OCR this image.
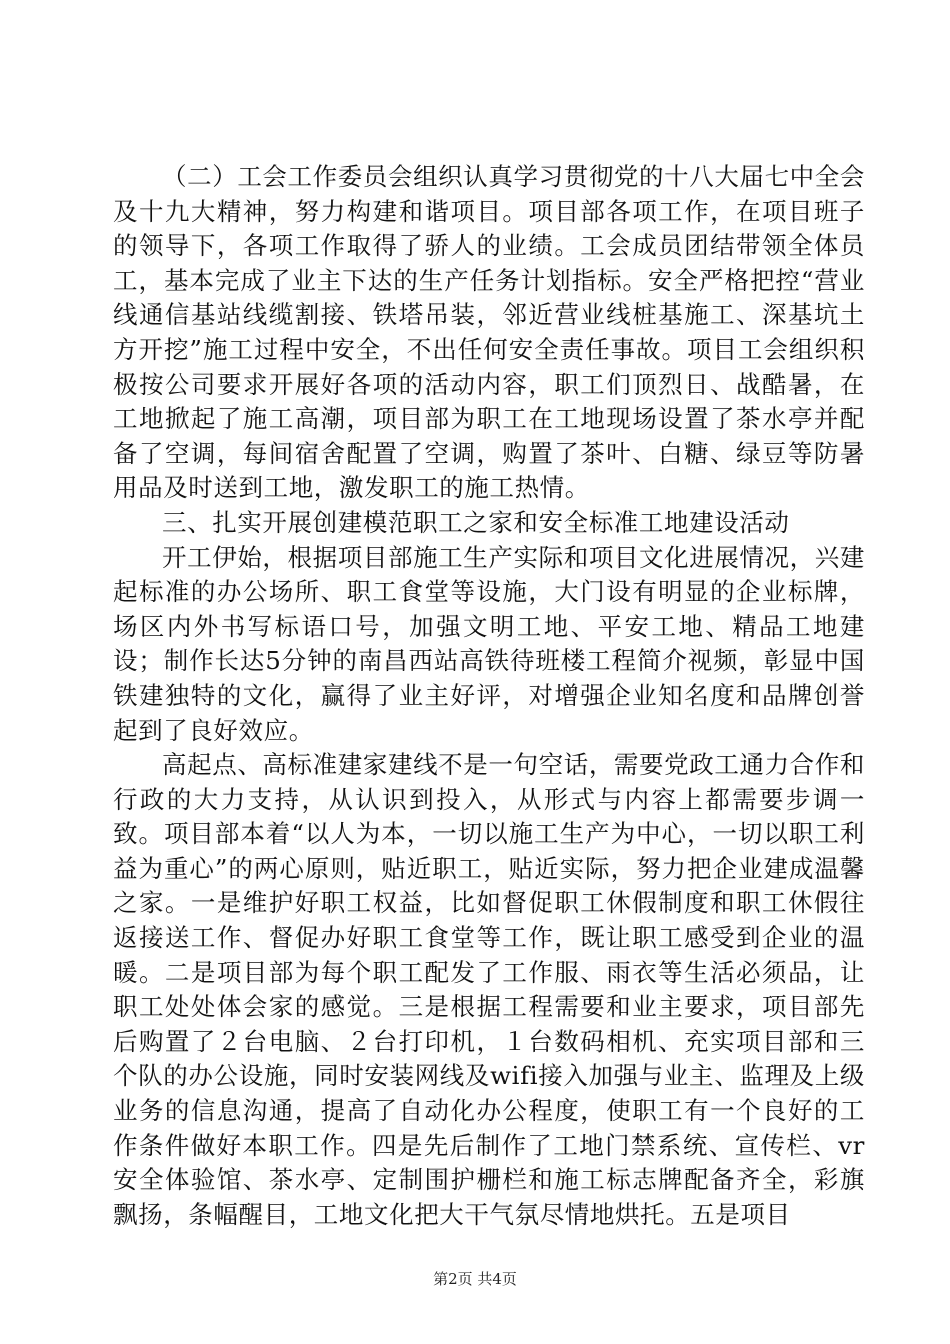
（二）工会工作委员会组织认真学习贯彻党的十八大届七中全会及十九大精神，努力构建和谐项目。项目部各项工作，在项目班子的领导下，各项工作取得了骄人的业绩。工会成员团结带领全体员工，基本完成了业主下达的生产任务计划指标。安全严格把控“营业线通信基站线缆割接、铁塔吊装，邻近营业线桩基施工、深基坑土方开挖”施工过程中安全，不出任何安全责任事故。项目工会组织积极按公司要求开展好各项的活动内容，职工们顶烈日、战酷暑，在工地掀起了施工高潮，项目部为职工在工地现场设置了茶水亭并配备了空调，每间宿舍配置了空调，购置了茶叶、白糖、绿豆等防暑用品及时送到工地，激发职工的施工热情。

三、扎实开展创建模范职工之家和安全标准工地建设活动

开工伊始，根据项目部施工生产实际和项目文化进展情况，兴建起标准的办公场所、职工食堂等设施，大门设有明显的企业标牌，场区内外书写标语口号，加强文明工地、平安工地、精品工地建设；制作长达5分钟的南昌西站高铁待班楼工程简介视频，彰显中国铁建独特的文化，赢得了业主好评，对增强企业知名度和品牌创誉起到了良好效应。

高起点、高标准建家建线不是一句空话，需要党政工通力合作和行政的大力支持，从认识到投入，从形式与内容上都需要步调一致。项目部本着“以人为本，一切以施工生产为中心，一切以职工利益为重心”的两心原则，贴近职工，贴近实际，努力把企业建成温馨之家。一是维护好职工权益，比如督促职工休假制度和职工休假往返接送工作、督促办好职工食堂等工作，既让职工感受到企业的温暖。二是项目部为每个职工配发了工作服、雨衣等生活必须品，让职工处处体会家的感觉。三是根据工程需要和业主要求，项目部先后购置了２台电脑、２台打印机，１台数码相机、充实项目部和三个队的办公设施，同时安装网线及wifi接入加强与业主、监理及上级业务的信息沟通，提高了自动化办公程度，使职工有一个良好的工作条件做好本职工作。四是先后制作了工地门禁系统、宣传栏、vr安全体验馆、茶水亭、定制围护栅栏和施工标志牌配备齐全，彩旗飘扬，条幅醒目，工地文化把大干气氛尽情地烘托。五是项目

第2页 共4页
